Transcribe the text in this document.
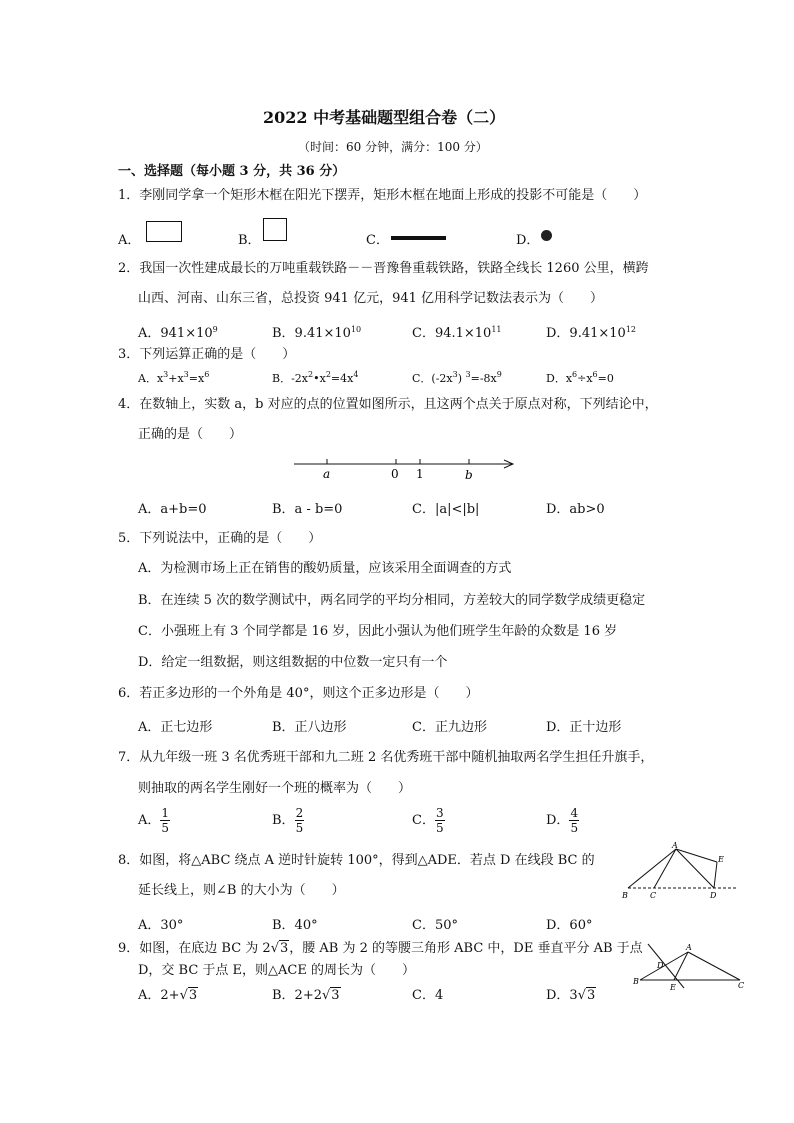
2022 中考基础题型组合卷（二）
（时间：60 分钟，满分：100 分）
一、选择题（每小题 3 分，共 36 分）
1．李刚同学拿一个矩形木框在阳光下摆弄，矩形木框在地面上形成的投影不可能是（　　）
A．	B．	C．	D．
2．我国一次性建成最长的万吨重载铁路－－晋豫鲁重载铁路，铁路全线长 1260 公里，横跨
山西、河南、山东三省，总投资 941 亿元，941 亿用科学记数法表示为（　　）
A．$941\times 10^9$	B．$9.41\times 10^{10}$	C．$94.1\times 10^{11}$	D．$9.41\times 10^{12}$
3．下列运算正确的是（　　）
A．$x^3+x^3=x^6$	B．$-2x^2•x^2=4x^4$	C．$(-2x^3)$ $^3=-8x^9$	D．$x^6\div x^6=0$
4．在数轴上，实数 a，b 对应的点的位置如图所示，且这两个点关于原点对称，下列结论中，
正确的是（　　）
a	0 1	b
A．a+b=0	B．a - b=0	C．|a|<|b|	D．ab>0
5．下列说法中，正确的是（　　）
A．为检测市场上正在销售的酸奶质量，应该采用全面调查的方式
B．在连续 5 次的数学测试中，两名同学的平均分相同，方差较大的同学数学成绩更稳定
C．小强班上有 3 个同学都是 16 岁，因此小强认为他们班学生年龄的众数是 16 岁
D．给定一组数据，则这组数据的中位数一定只有一个
6．若正多边形的一个外角是 40°，则这个正多边形是（　　）
A．正七边形	B．正八边形	C．正九边形	D．正十边形
7．从九年级一班 3 名优秀班干部和九二班 2 名优秀班干部中随机抽取两名学生担任升旗手，
则抽取的两名学生刚好一个班的概率为（　　）
A． $\frac{1}{5}$	B． $\frac{2}{5}$	C． $\frac{3}{5}$	D． $\frac{4}{5}$
8．如图，将△ABC 绕点 A 逆时针旋转 100°，得到△ADE．若点 D 在线段 BC 的
延长线上，则∠B 的大小为（　　）
A．30°	B．40°	C．50°	D．60°
A
B	C	D
E
9．如图，在底边 BC 为 2√3，腰 AB 为 2 的等腰三角形 ABC 中，DE 垂直平分 AB 于点
D，交 BC 于点 E，则△ACE 的周长为（　　）
A．2+√3	B．2+2√3	C．4	D．3√3
A
B	C
D
E
